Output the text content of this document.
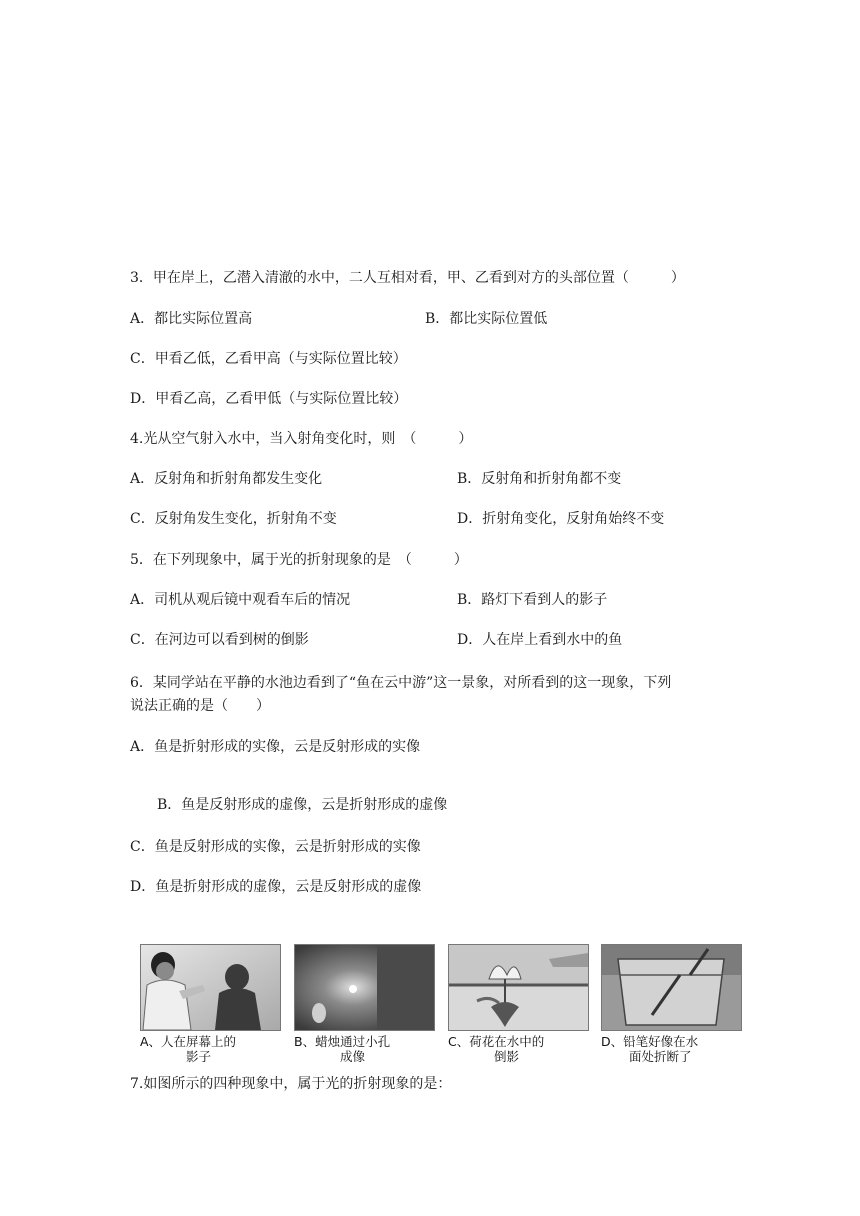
3．甲在岸上，乙潜入清澈的水中，二人互相对看，甲、乙看到对方的头部位置（　　　）
A．都比实际位置高	B．都比实际位置低
C．甲看乙低，乙看甲高（与实际位置比较）
D．甲看乙高，乙看甲低（与实际位置比较）
4.光从空气射入水中，当入射角变化时，则　（　　　）
A．反射角和折射角都发生变化	B．反射角和折射角都不变
C．反射角发生变化，折射角不变	D．折射角变化，反射角始终不变
5．在下列现象中，属于光的折射现象的是　（　　　）
A．司机从观后镜中观看车后的情况	B．路灯下看到人的影子
C．在河边可以看到树的倒影	D．人在岸上看到水中的鱼
6．某同学站在平静的水池边看到了“鱼在云中游”这一景象，对所看到的这一现象，下列
说法正确的是（　　）
A．鱼是折射形成的实像，云是反射形成的实像
B．鱼是反射形成的虚像，云是折射形成的虚像
C．鱼是反射形成的实像，云是折射形成的实像
D．鱼是折射形成的虚像，云是反射形成的虚像
A、人在屏幕上的
影子
B、蜡烛通过小孔
成像
C、荷花在水中的
倒影
D、铅笔好像在水
面处折断了
7.如图所示的四种现象中，属于光的折射现象的是：
